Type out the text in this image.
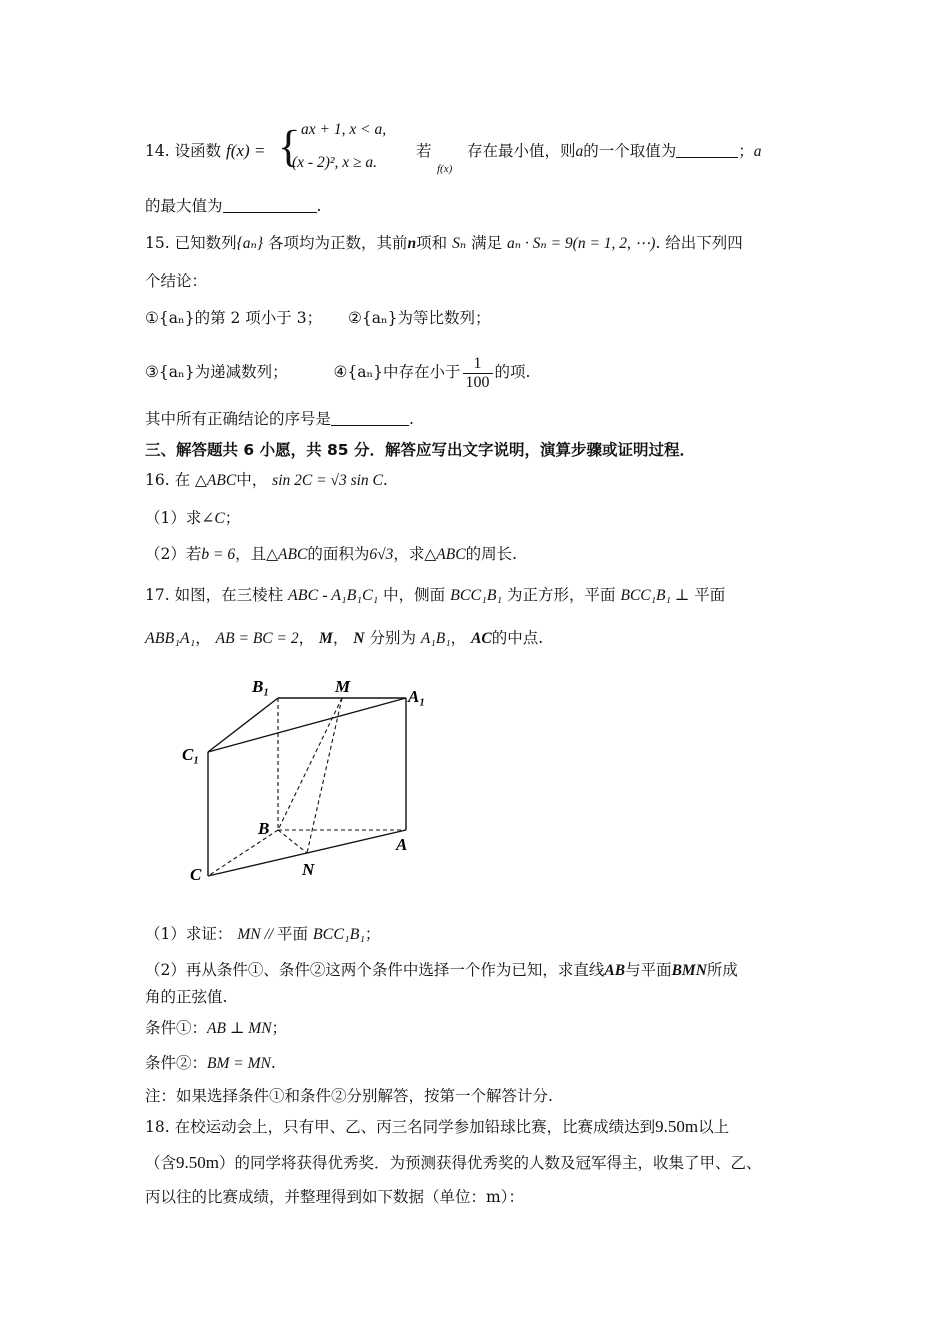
14. 设函数 f(x) = {
- ax + 1, x < a,
(x - 2)², x ≥ a.
若
f(x)
存在最小值，则a的一个取值为	；a
的最大值为	.
15. 已知数列{aₙ} 各项均为正数，其前n项和 Sₙ 满足 aₙ · Sₙ = 9(n = 1, 2, ⋯). 给出下列四
个结论：
①{aₙ}的第 2 项小于 3； ②{aₙ}为等比数列；
③{aₙ}为递减数列；	④{aₙ}中存在小于 $\frac{1}{100}$ 的项.
其中所有正确结论的序号是	.
三、解答题共 6 小愿，共 85 分．解答应写出文字说明，演算步骤或证明过程．
16. 在 △ABC中， sin 2C = √3 sin C.
（1）求∠C；
（2）若b = 6，且△ABC的面积为6√3，求△ABC的周长.
17. 如图，在三棱柱 ABC - A₁B₁C₁ 中，侧面 BCC₁B₁ 为正方形，平面 BCC₁B₁ ⊥ 平面
ABB₁A₁， AB = BC = 2， M， N 分别为 A₁B₁， AC的中点.
B₁	M
A₁
C₁
B
A
C	N
（1）求证： MN // 平面 BCC₁B₁；
（2）再从条件①、条件②这两个条件中选择一个作为已知，求直线AB与平面BMN所成
角的正弦值.
条件①：AB ⊥ MN；
条件②：BM = MN.
注：如果选择条件①和条件②分别解答，按第一个解答计分.
18. 在校运动会上，只有甲、乙、丙三名同学参加铅球比赛，比赛成绩达到9.50m以上
（含9.50m）的同学将获得优秀奖．为预测获得优秀奖的人数及冠军得主，收集了甲、乙、
丙以往的比赛成绩，并整理得到如下数据（单位：m）：
